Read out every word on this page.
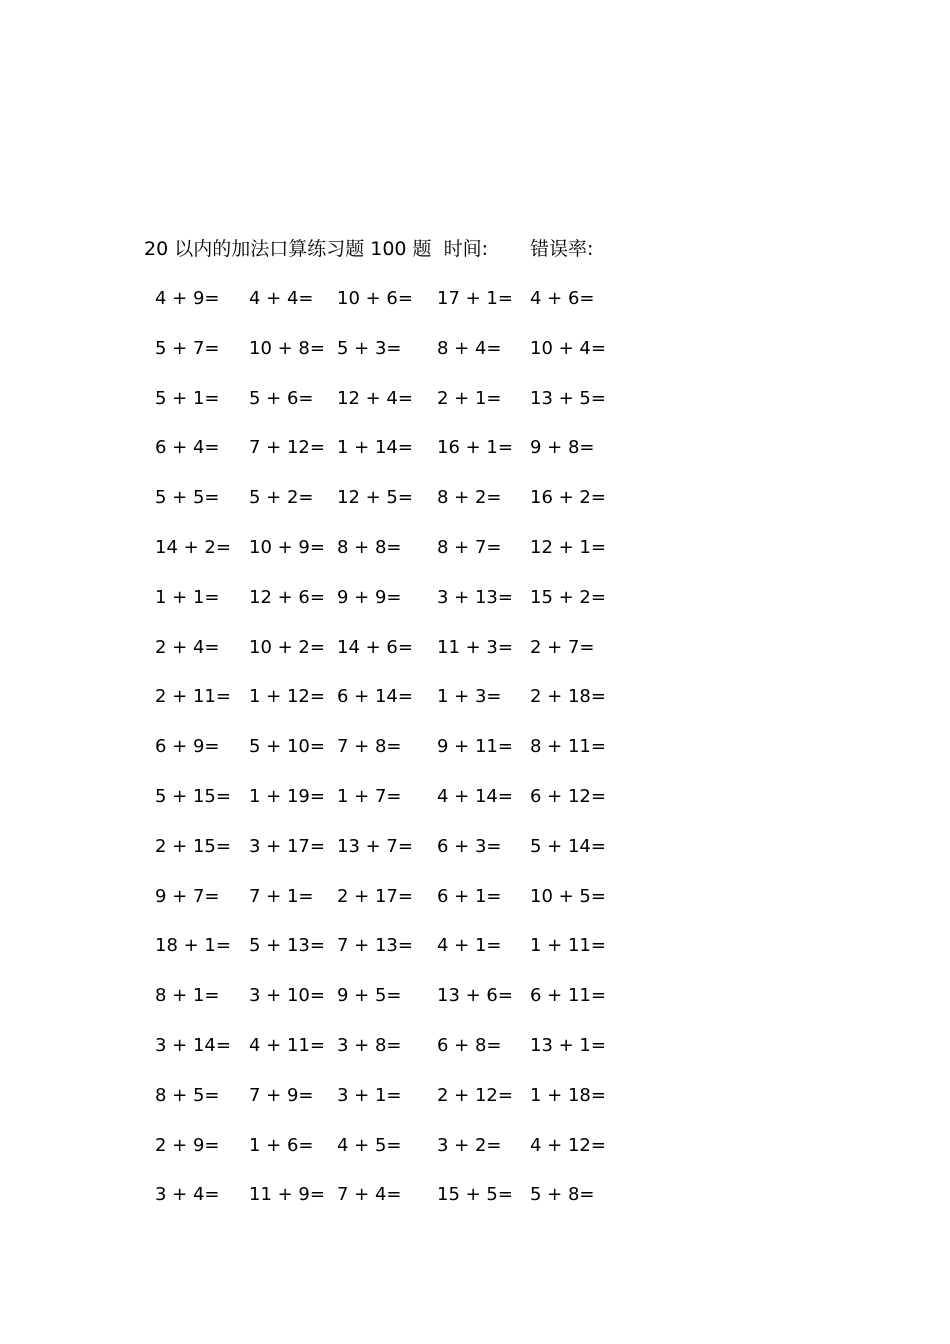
20 以内的加法口算练习题 100 题 时间: 错误率:
4 + 9= 4 + 4= 10 + 6= 17 + 1= 4 + 6=
5 + 7= 10 + 8= 5 + 3= 8 + 4= 10 + 4=
5 + 1= 5 + 6= 12 + 4= 2 + 1= 13 + 5=
6 + 4= 7 + 12= 1 + 14= 16 + 1= 9 + 8=
5 + 5= 5 + 2= 12 + 5= 8 + 2= 16 + 2=
14 + 2= 10 + 9= 8 + 8= 8 + 7= 12 + 1=
1 + 1= 12 + 6= 9 + 9= 3 + 13= 15 + 2=
2 + 4= 10 + 2= 14 + 6= 11 + 3= 2 + 7=
2 + 11= 1 + 12= 6 + 14= 1 + 3= 2 + 18=
6 + 9= 5 + 10= 7 + 8= 9 + 11= 8 + 11=
5 + 15= 1 + 19= 1 + 7= 4 + 14= 6 + 12=
2 + 15= 3 + 17= 13 + 7= 6 + 3= 5 + 14=
9 + 7= 7 + 1= 2 + 17= 6 + 1= 10 + 5=
18 + 1= 5 + 13= 7 + 13= 4 + 1= 1 + 11=
8 + 1= 3 + 10= 9 + 5= 13 + 6= 6 + 11=
3 + 14= 4 + 11= 3 + 8= 6 + 8= 13 + 1=
8 + 5= 7 + 9= 3 + 1= 2 + 12= 1 + 18=
2 + 9= 1 + 6= 4 + 5= 3 + 2= 4 + 12=
3 + 4= 11 + 9= 7 + 4= 15 + 5= 5 + 8=
